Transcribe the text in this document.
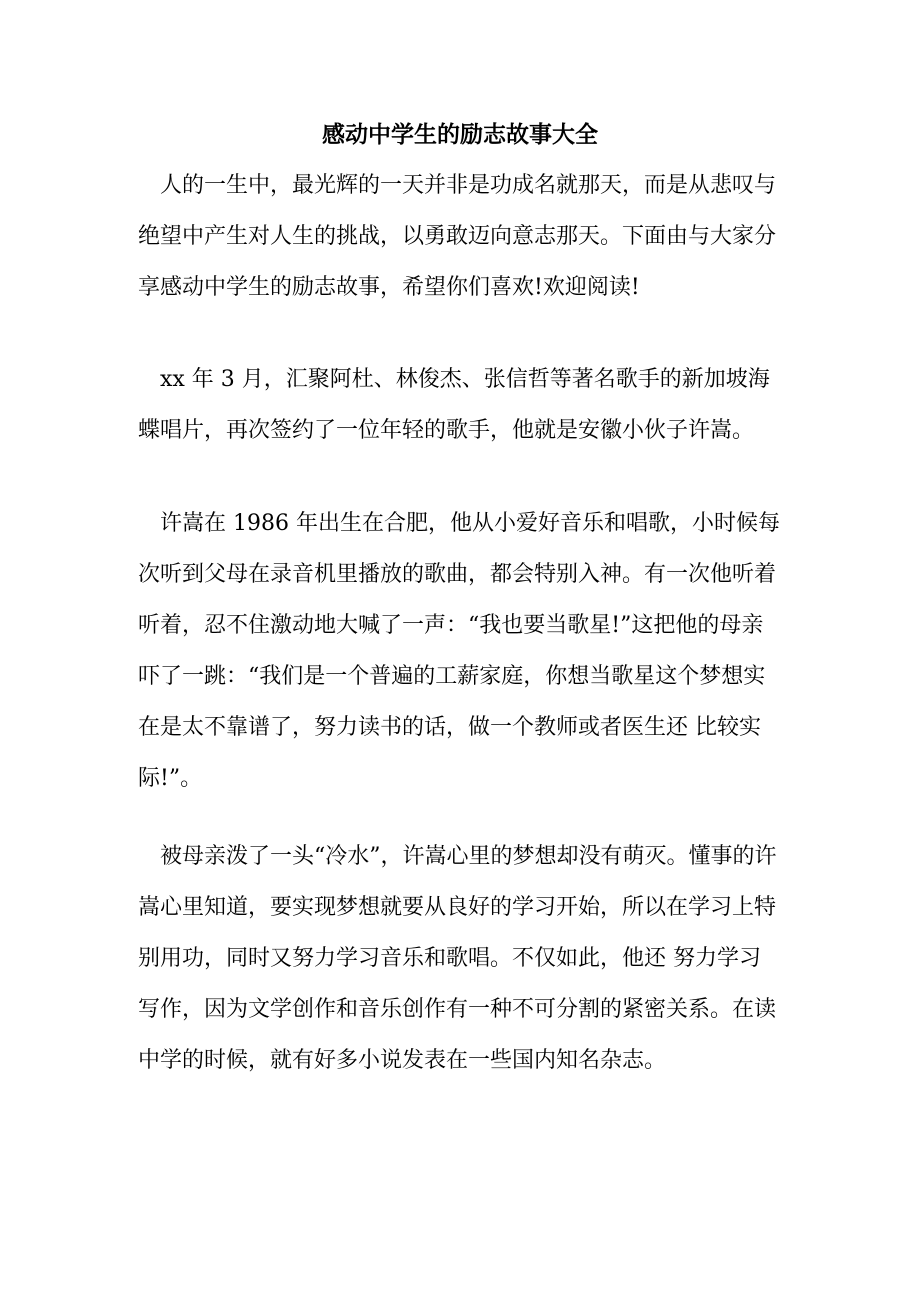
感动中学生的励志故事大全

人的一生中，最光辉的一天并非是功成名就那天，而是从悲叹与绝望中产生对人生的挑战，以勇敢迈向意志那天。下面由与大家分享感动中学生的励志故事，希望你们喜欢!欢迎阅读!

xx 年 3 月，汇聚阿杜、林俊杰、张信哲等著名歌手的新加坡海蝶唱片，再次签约了一位年轻的歌手，他就是安徽小伙子许嵩。

许嵩在 1986 年出生在合肥，他从小爱好音乐和唱歌，小时候每次听到父母在录音机里播放的歌曲，都会特别入神。有一次他听着听着，忍不住激动地大喊了一声：“我也要当歌星!”这把他的母亲吓了一跳：“我们是一个普遍的工薪家庭，你想当歌星这个梦想实在是太不靠谱了，努力读书的话，做一个教师或者医生还 比较实际!”。

被母亲泼了一头“冷水”，许嵩心里的梦想却没有萌灭。懂事的许嵩心里知道，要实现梦想就要从良好的学习开始，所以在学习上特别用功，同时又努力学习音乐和歌唱。不仅如此，他还 努力学习写作，因为文学创作和音乐创作有一种不可分割的紧密关系。在读中学的时候，就有好多小说发表在一些国内知名杂志。
